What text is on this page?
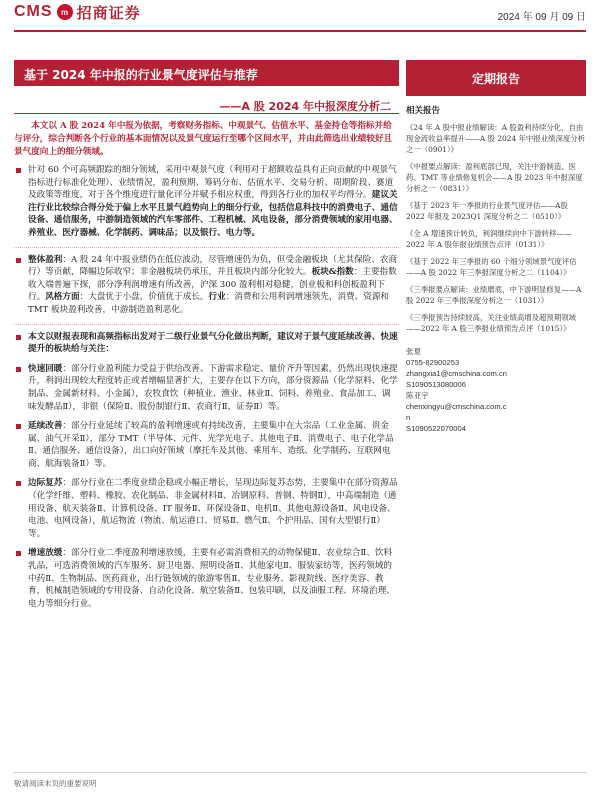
CMS	m 招商证券	2024 年 09 月 09 日
基于 2024 年中报的行业景气度评估与推荐
——A 股 2024 年中报深度分析二
本文以 A 股 2024 年中报为依据，考察财务指标、中观景气、估值水平、基金持仓等指标并给与评分，综合判断各个行业的基本面情况以及景气度运行至哪个区间水平，并由此筛选出业绩较好且景气度向上的细分领域。
针对 60 个可高频跟踪的细分领域，采用中观景气度（利用对于超额收益具有正向贡献的中观景气指标进行标准化处理）、业绩情况，盈利预期、筹码分布、估值水平、交易分析、周期阶段、赛道及政策等维度，对于各个维度进行量化评分并赋予相应权重，得到各行业的加权平均得分。建议关注行业比较综合得分处于偏上水平且景气趋势向上的细分行业，包括信息科技中的消费电子、通信设备、通信服务，中游制造领域的汽车零部件、工程机械、风电设备，部分消费领域的家用电器、养殖业、医疗器械、化学制药、调味品；以及银行、电力等。
整体盈利：A 股 24 年中报业绩仍在低位波动，尽管增速仍为负，但受金融板块（尤其保险、农商行）等贡献，降幅边际收窄；非金融板块仍承压，并且板块内部分化较大。板块&指数：主要指数收入端普遍下探，部分净利润增速有所改善，沪深 300 盈利相对稳健，创业板和科创板盈利下行。风格方面：大盘优于小盘，价值优于成长。行业：消费和公用利润增速领先，消费、资源和 TMT 板块盈利改善，中游制造盈利恶化。
本文以财报表现和高频指标出发对于二级行业景气分化做出判断，建议对于景气度延续改善、快速提升的板块给与关注：
快速回暖：部分行业盈利能力受益于供给改善、下游需求稳定、量价齐升等因素，仍然出现快速提升，利润出现较大程度转正或者增幅显著扩大，主要存在以下方向，部分资源品（化学原料、化学制品、金属新材料、小金属），农牧食饮（种植业、渔业、林业Ⅱ、饲料、养殖业、食品加工、调味发酵品Ⅱ），非银（保险Ⅱ、股份制银行Ⅱ、农商行Ⅱ、证券Ⅱ）等。
延续改善：部分行业延续了较高的盈利增速或有持续改善，主要集中在大宗品（工业金属、贵金属、油气开采Ⅱ），部分 TMT（半导体、元件、光学光电子、其他电子Ⅱ、消费电子、电子化学品Ⅱ、通信服务、通信设备），出口向好领域（摩托车及其他、乘用车、造纸、化学制药、互联网电商、航海装备Ⅱ）等。
边际复苏：部分行业在二季度业绩企稳或小幅正增长，呈现边际复苏态势，主要集中在部分资源品（化学纤维、塑料、橡胶、农化制品、非金属材料Ⅱ、冶钢原料、普钢、特钢Ⅱ），中高端制造（通用设备、航天装备Ⅱ、计算机设备、IT 服务Ⅱ、环保设备Ⅱ、电机Ⅱ、其他电源设备Ⅱ、风电设备、电池、电网设备），航运物流（物流、航运港口、贸易Ⅱ、燃气Ⅱ、个护用品、国有大型银行Ⅱ）等。
增速放缓：部分行业二季度盈利增速放缓，主要有必需消费相关的动物保健Ⅱ、农业综合Ⅱ、饮料乳品，可选消费领域的汽车服务、厨卫电器、照明设备Ⅱ、其他家电Ⅱ、服装家纺等，医药领域的中药Ⅱ、生物制品、医药商业，出行链领域的旅游零售Ⅱ、专业服务、影视院线、医疗美容、教育，机械制造领域的专用设备、自动化设备、航空装备Ⅱ、包装印刷，以及油服工程、环境治理、电力等细分行业。
定期报告
相关报告
《24 年 A 股中报业绩解读：A 股盈利持续分化，自由现金流收益率提升——A 股 2024 年中报业绩深度分析之一（0901）》
《中报要点解读：盈利底部已现，关注中游制造、医药、TMT 等业绩修复机会——A 股 2023 年中报深度分析之一（0831）》
《基于 2023 年一季报的行业景气度评估——A股 2022 年报及 2023Q1 深度分析之二（0510）》
《全 A 增速预计转负，利润继续向中下游转移——2022 年 A 股年报业绩预告点评（0131）》
《基于 2022 年三季报的 60 个细分领域景气度评估——A 股 2022 年三季报深度分析之二（1104）》
《三季报要点解读：业绩磨底，中下游明显修复——A 股 2022 年三季报深度分析之一（1031）》
《三季报预告持续较高，关注业绩高增及超预期领域——2022 年 A 股三季报业绩预告点评（1015）》
张夏
0755-82900253
zhangxia1@cmschina.com.cn
S1090513080006
陈亚宇
chenxingyu@cmschina.com.c
n
S1090522070004
敬请阅读末页的重要说明
